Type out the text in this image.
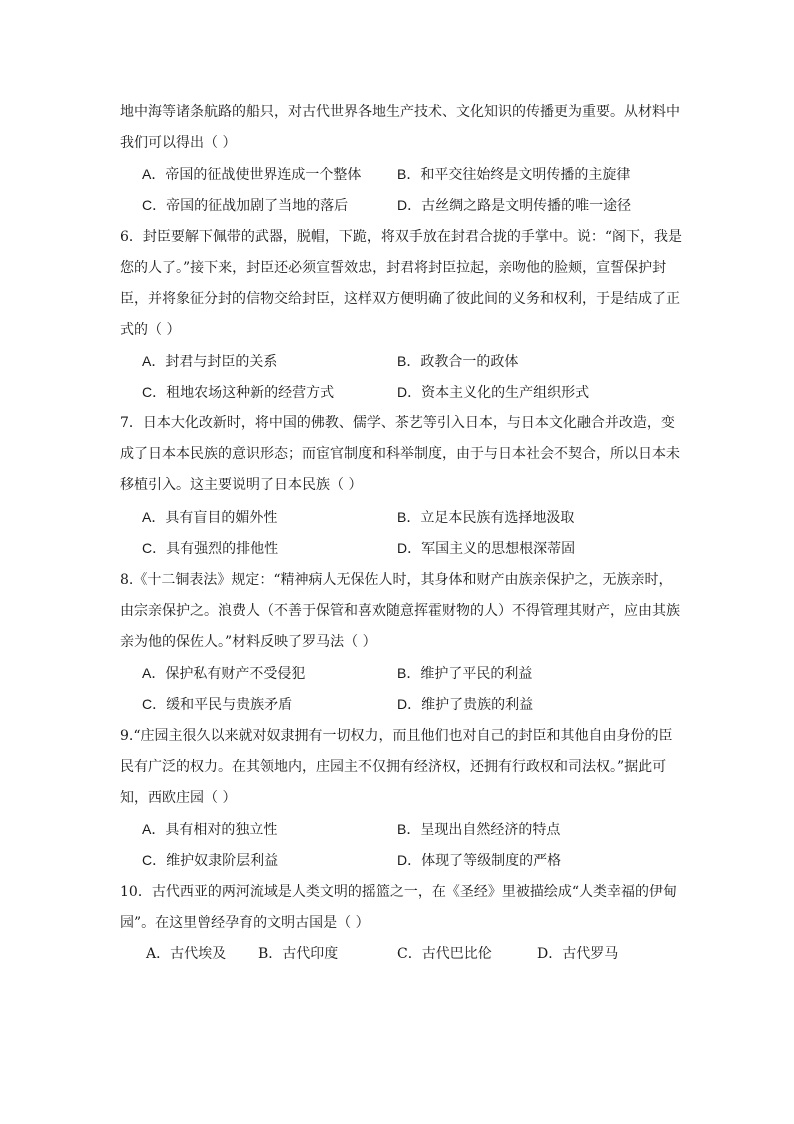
地中海等诸条航路的船只，对古代世界各地生产技术、文化知识的传播更为重要。从材料中
我们可以得出（ ）
A．帝国的征战使世界连成一个整体	B．和平交往始终是文明传播的主旋律
C．帝国的征战加剧了当地的落后	D．古丝绸之路是文明传播的唯一途径
6．封臣要解下佩带的武器，脱帽，下跪，将双手放在封君合拢的手掌中。说：“阁下，我是
您的人了。”接下来，封臣还必须宣誓效忠，封君将封臣拉起，亲吻他的脸颊，宣誓保护封
臣，并将象征分封的信物交给封臣，这样双方便明确了彼此间的义务和权利，于是结成了正
式的（ ）
A．封君与封臣的关系	B．政教合一的政体
C．租地农场这种新的经营方式	D．资本主义化的生产组织形式
7．日本大化改新时，将中国的佛教、儒学、茶艺等引入日本，与日本文化融合并改造，变
成了日本本民族的意识形态；而宦官制度和科举制度，由于与日本社会不契合，所以日本未
移植引入。这主要说明了日本民族（ ）
A．具有盲目的媚外性	B．立足本民族有选择地汲取
C．具有强烈的排他性	D．军国主义的思想根深蒂固
8.《十二铜表法》规定：“精神病人无保佐人时，其身体和财产由族亲保护之，无族亲时，
由宗亲保护之。浪费人（不善于保管和喜欢随意挥霍财物的人）不得管理其财产，应由其族
亲为他的保佐人。”材料反映了罗马法（ ）
A．保护私有财产不受侵犯	B．维护了平民的利益
C．缓和平民与贵族矛盾	D．维护了贵族的利益
9.“庄园主很久以来就对奴隶拥有一切权力，而且他们也对自己的封臣和其他自由身份的臣
民有广泛的权力。在其领地内，庄园主不仅拥有经济权，还拥有行政权和司法权。”据此可
知，西欧庄园（ ）
A．具有相对的独立性	B．呈现出自然经济的特点
C．维护奴隶阶层利益	D．体现了等级制度的严格
10．古代西亚的两河流域是人类文明的摇篮之一，在《圣经》里被描绘成“人类幸福的伊甸
园”。在这里曾经孕育的文明古国是（ ）
A．古代埃及 B．古代印度	C．古代巴比伦	D．古代罗马
